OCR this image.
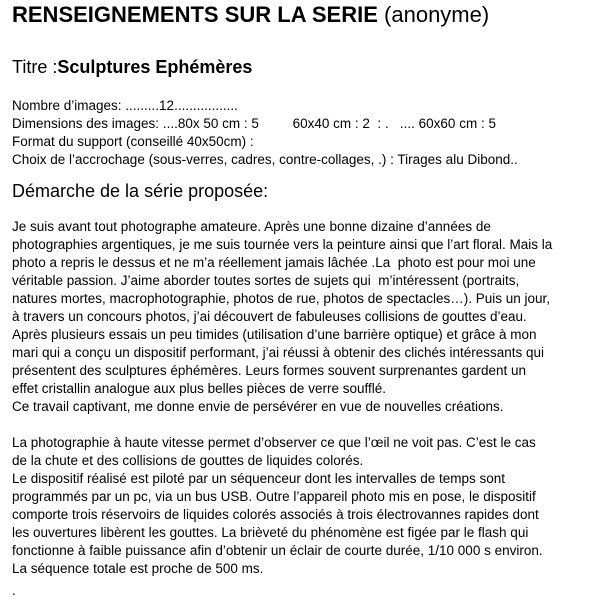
RENSEIGNEMENTS SUR LA SERIE (anonyme)
Titre :Sculptures Ephémères
Nombre d’images: .........12.................
Dimensions des images: ....80x 50 cm : 5         60x40 cm : 2  : .   .... 60x60 cm : 5
Format du support (conseillé 40x50cm) :
Choix de l’accrochage (sous-verres, cadres, contre-collages, .) : Tirages alu Dibond..
Démarche de la série proposée:
Je suis avant tout photographe amateure. Après une bonne dizaine d’années de
photographies argentiques, je me suis tournée vers la peinture ainsi que l’art floral. Mais la
photo a repris le dessus et ne m’a réellement jamais lâchée .La  photo est pour moi une
véritable passion. J’aime aborder toutes sortes de sujets qui  m’intéressent (portraits,
natures mortes, macrophotographie, photos de rue, photos de spectacles…). Puis un jour,
à travers un concours photos, j’ai découvert de fabuleuses collisions de gouttes d’eau.
Après plusieurs essais un peu timides (utilisation d’une barrière optique) et grâce à mon
mari qui a conçu un dispositif performant, j’ai réussi à obtenir des clichés intéressants qui
présentent des sculptures éphémères. Leurs formes souvent surprenantes gardent un
effet cristallin analogue aux plus belles pièces de verre soufflé.
Ce travail captivant, me donne envie de persévérer en vue de nouvelles créations.
La photographie à haute vitesse permet d’observer ce que l’œil ne voit pas. C’est le cas
de la chute et des collisions de gouttes de liquides colorés.
Le dispositif réalisé est piloté par un séquenceur dont les intervalles de temps sont
programmés par un pc, via un bus USB. Outre l’appareil photo mis en pose, le dispositif
comporte trois réservoirs de liquides colorés associés à trois électrovannes rapides dont
les ouvertures libèrent les gouttes. La brièveté du phénomène est figée par le flash qui
fonctionne à faible puissance afin d’obtenir un éclair de courte durée, 1/10 000 s environ.
La séquence totale est proche de 500 ms.
.
